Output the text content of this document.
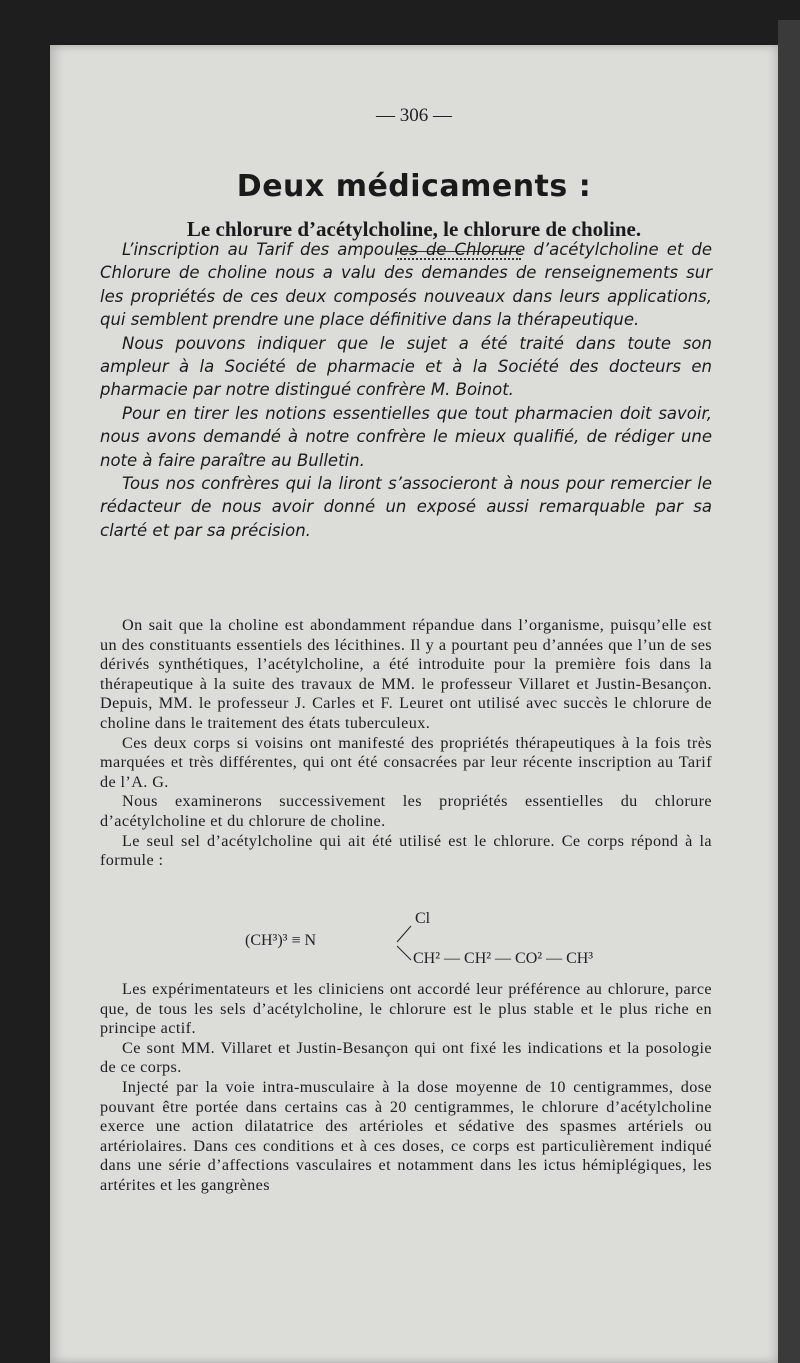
— 306 —
Deux médicaments :
Le chlorure d’acétylcholine, le chlorure de choline.

L’inscription au Tarif des ampoules de Chlorure d’acétylcholine et de Chlorure de choline nous a valu des demandes de renseignements sur les propriétés de ces deux composés nouveaux dans leurs applications, qui semblent prendre une place définitive dans la thérapeutique.

Nous pouvons indiquer que le sujet a été traité dans toute son ampleur à la Société de pharmacie et à la Société des docteurs en pharmacie par notre distingué confrère M. Boinot.

Pour en tirer les notions essentielles que tout pharmacien doit savoir, nous avons demandé à notre confrère le mieux qualifié, de rédiger une note à faire paraître au Bulletin.

Tous nos confrères qui la liront s’associeront à nous pour remercier le rédacteur de nous avoir donné un exposé aussi remarquable par sa clarté et par sa précision.

On sait que la choline est abondamment répandue dans l’organisme, puisqu’elle est un des constituants essentiels des lécithines. Il y a pourtant peu d’années que l’un de ses dérivés synthétiques, l’acétylcholine, a été introduite pour la première fois dans la thérapeutique à la suite des travaux de MM. le professeur Villaret et Justin-Besançon. Depuis, MM. le professeur J. Carles et F. Leuret ont utilisé avec succès le chlorure de choline dans le traitement des états tuberculeux.

Ces deux corps si voisins ont manifesté des propriétés thérapeutiques à la fois très marquées et très différentes, qui ont été consacrées par leur récente inscription au Tarif de l’A. G.

Nous examinerons successivement les propriétés essentielles du chlorure d’acétylcholine et du chlorure de choline.

Le seul sel d’acétylcholine qui ait été utilisé est le chlorure. Ce corps répond à la formule :

Cl
(CH³)³ ≡ N
CH² — CH² — CO² — CH³

Les expérimentateurs et les cliniciens ont accordé leur préférence au chlorure, parce que, de tous les sels d’acétylcholine, le chlorure est le plus stable et le plus riche en principe actif.

Ce sont MM. Villaret et Justin-Besançon qui ont fixé les indications et la posologie de ce corps.

Injecté par la voie intra-musculaire à la dose moyenne de 10 centigrammes, dose pouvant être portée dans certains cas à 20 centigrammes, le chlorure d’acétylcholine exerce une action dilatatrice des artérioles et sédative des spasmes artériels ou artériolaires. Dans ces conditions et à ces doses, ce corps est particulièrement indiqué dans une série d’affections vasculaires et notamment dans les ictus hémiplégiques, les artérites et les gangrènes
